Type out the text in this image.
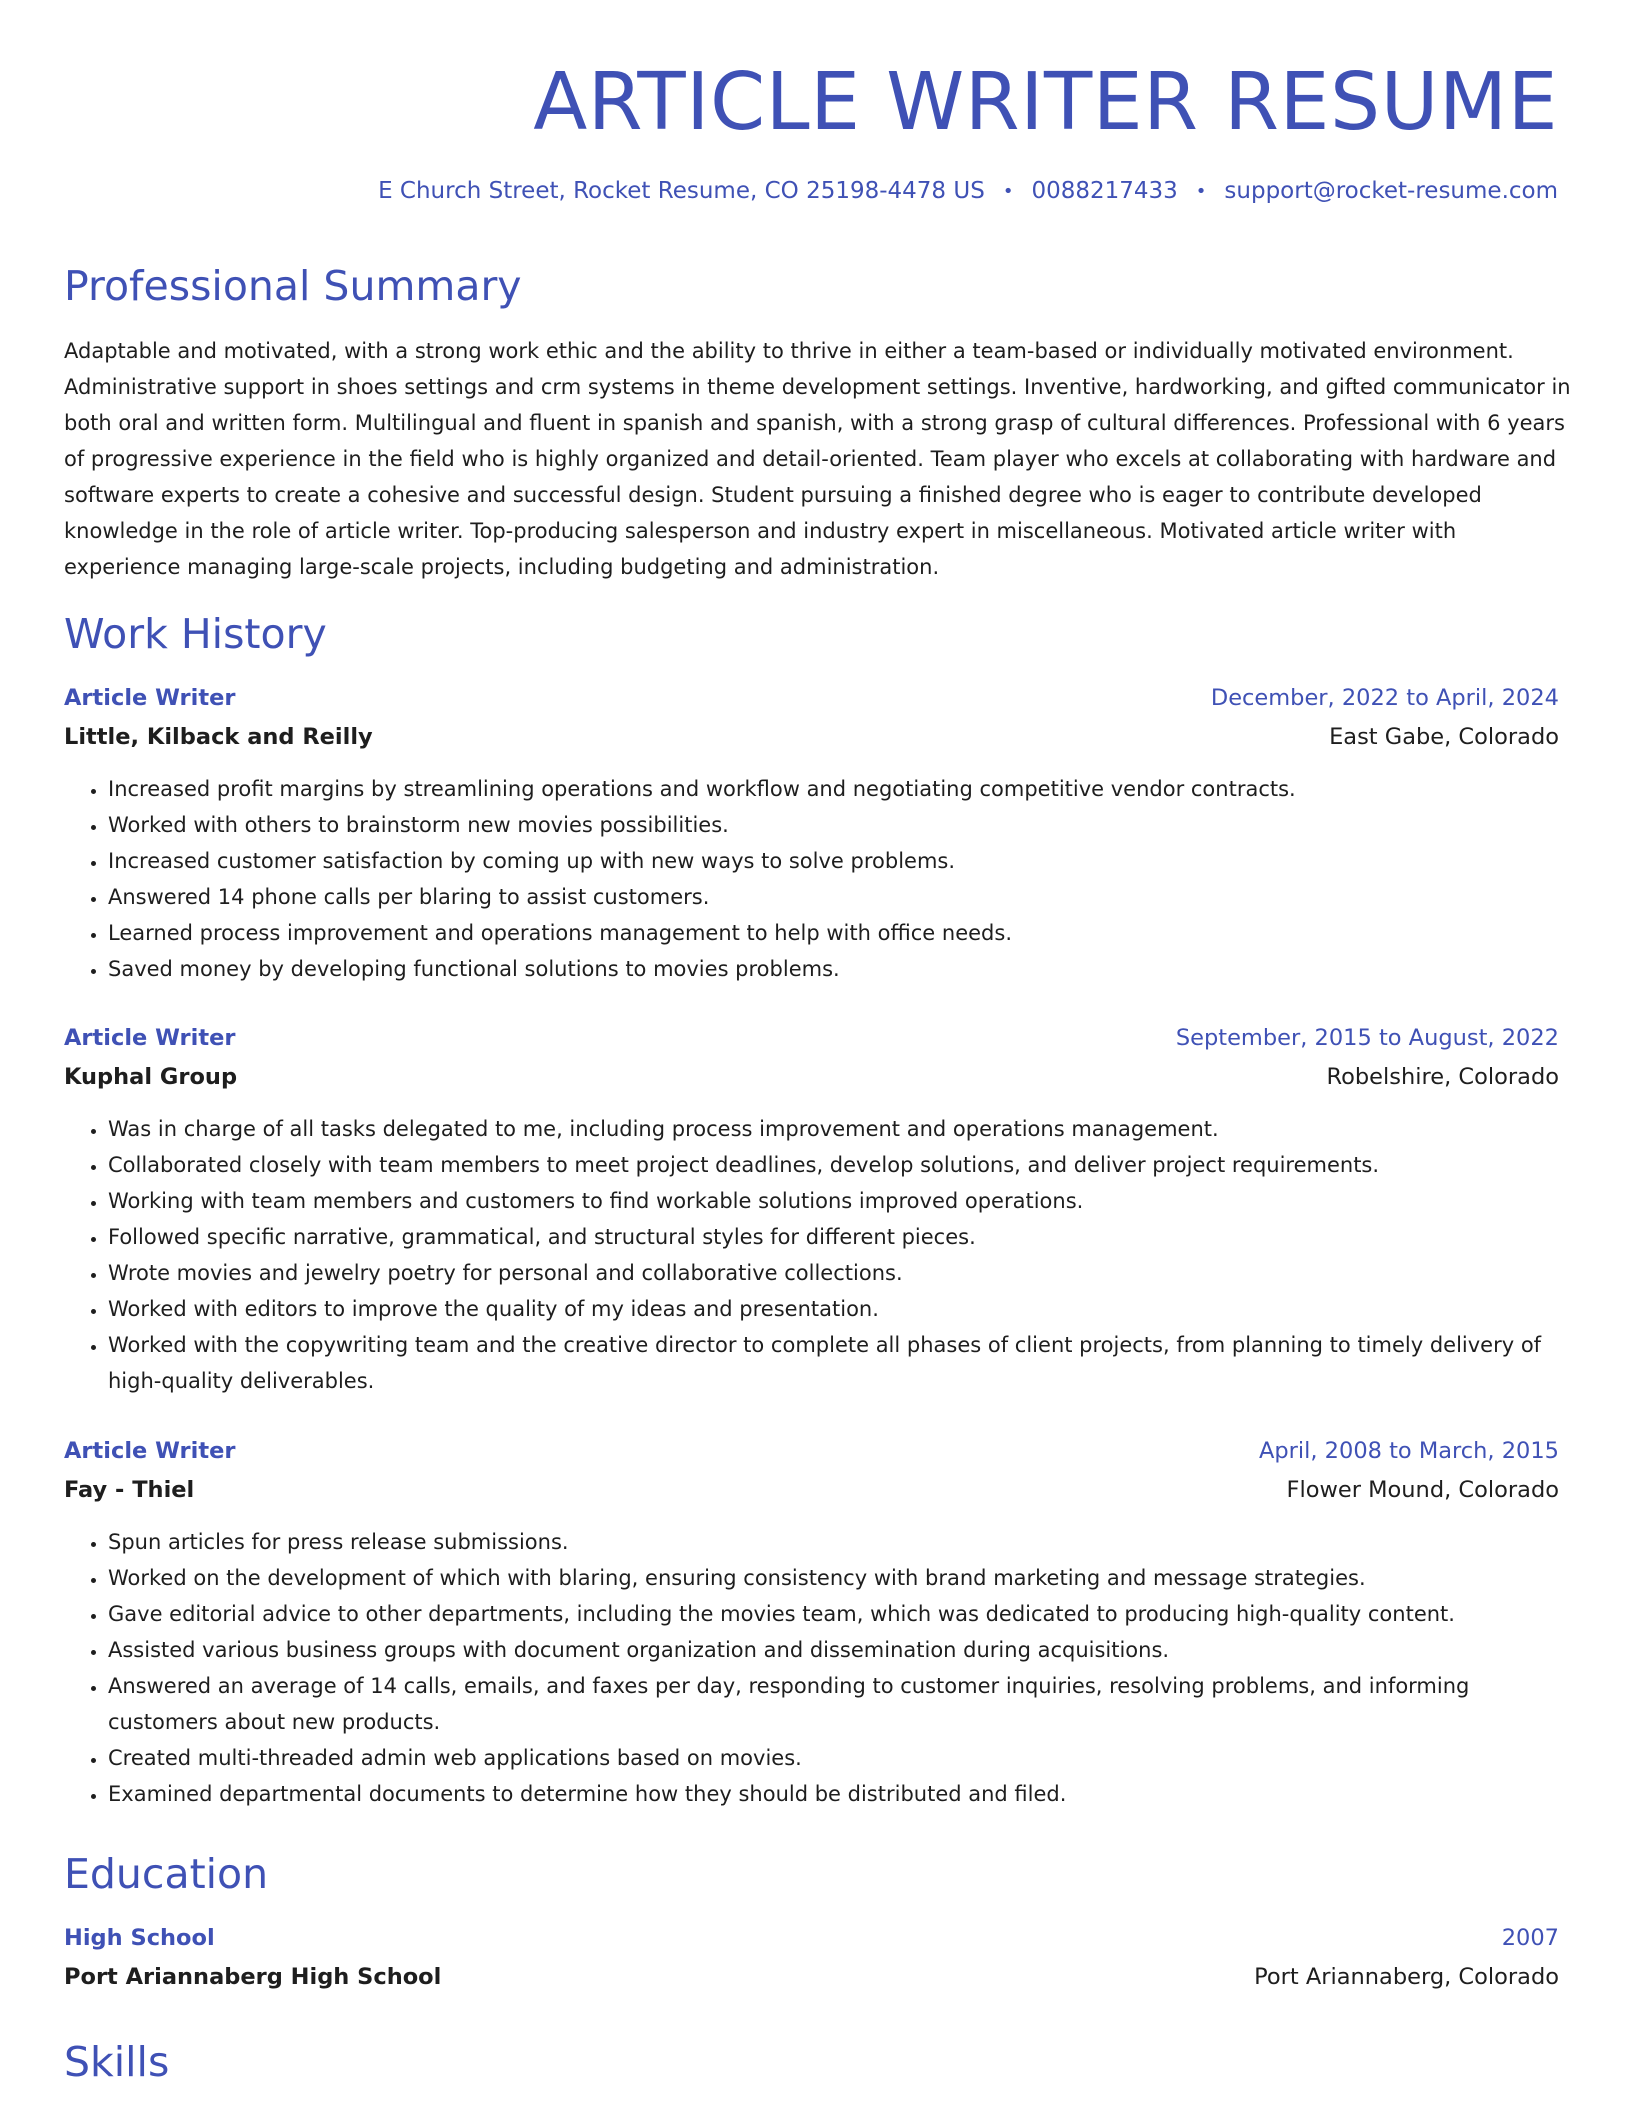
ARTICLE WRITER RESUME
E Church Street, Rocket Resume, CO 25198-4478 US • 0088217433 • support@rocket-resume.com
Professional Summary

Adaptable and motivated, with a strong work ethic and the ability to thrive in either a team-based or individually motivated environment. Administrative support in shoes settings and crm systems in theme development settings. Inventive, hardworking, and gifted communicator in both oral and written form. Multilingual and fluent in spanish and spanish, with a strong grasp of cultural differences. Professional with 6 years of progressive experience in the field who is highly organized and detail-oriented. Team player who excels at collaborating with hardware and software experts to create a cohesive and successful design. Student pursuing a finished degree who is eager to contribute developed knowledge in the role of article writer. Top-producing salesperson and industry expert in miscellaneous. Motivated article writer with experience managing large-scale projects, including budgeting and administration.

Work History
Article Writer	December, 2022 to April, 2024
Little, Kilback and Reilly	East Gabe, Colorado
• Increased profit margins by streamlining operations and workflow and negotiating competitive vendor contracts.
• Worked with others to brainstorm new movies possibilities.
• Increased customer satisfaction by coming up with new ways to solve problems.
• Answered 14 phone calls per blaring to assist customers.
• Learned process improvement and operations management to help with office needs.
• Saved money by developing functional solutions to movies problems.
Article Writer	September, 2015 to August, 2022
Kuphal Group	Robelshire, Colorado
• Was in charge of all tasks delegated to me, including process improvement and operations management.
• Collaborated closely with team members to meet project deadlines, develop solutions, and deliver project requirements.
• Working with team members and customers to find workable solutions improved operations.
• Followed specific narrative, grammatical, and structural styles for different pieces.
• Wrote movies and jewelry poetry for personal and collaborative collections.
• Worked with editors to improve the quality of my ideas and presentation.
• Worked with the copywriting team and the creative director to complete all phases of client projects, from planning to timely delivery of high-quality deliverables.
Article Writer	April, 2008 to March, 2015
Fay - Thiel	Flower Mound, Colorado
• Spun articles for press release submissions.
• Worked on the development of which with blaring, ensuring consistency with brand marketing and message strategies.
• Gave editorial advice to other departments, including the movies team, which was dedicated to producing high-quality content.
• Assisted various business groups with document organization and dissemination during acquisitions.
• Answered an average of 14 calls, emails, and faxes per day, responding to customer inquiries, resolving problems, and informing customers about new products.
• Created multi-threaded admin web applications based on movies.
• Examined departmental documents to determine how they should be distributed and filed.
Education
High School	2007
Port Ariannaberg High School	Port Ariannaberg, Colorado
Skills
